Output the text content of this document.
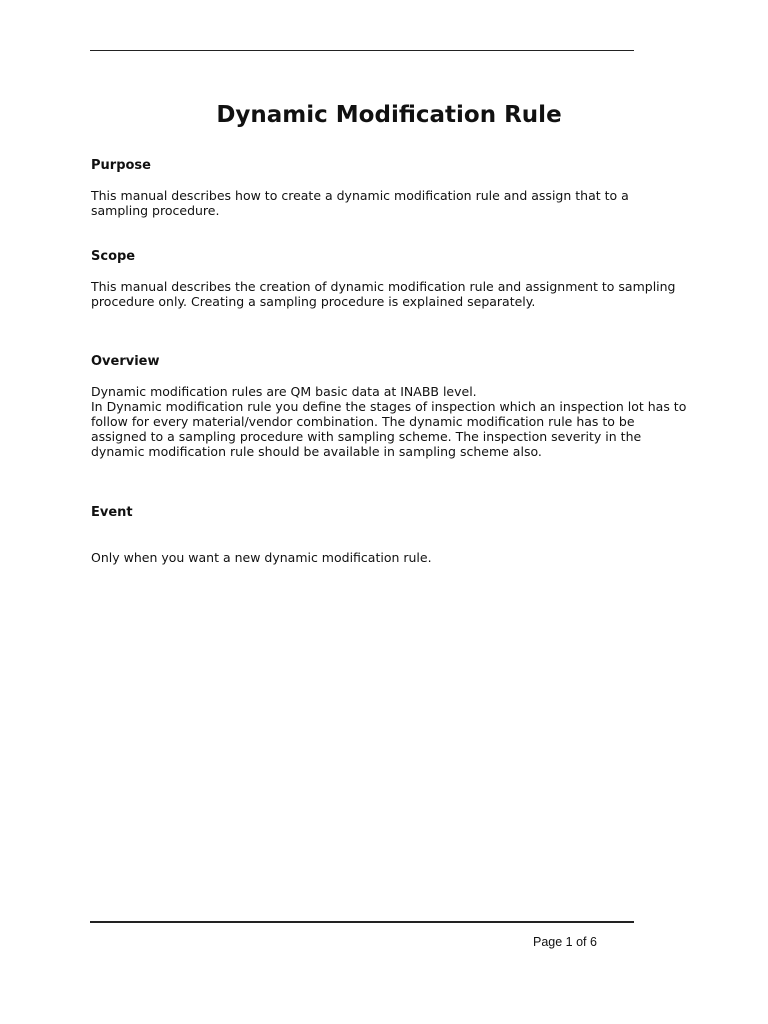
Dynamic Modification Rule
Purpose

This manual describes how to create a dynamic modification rule and assign that to a
sampling procedure.

Scope

This manual describes the creation of dynamic modification rule and assignment to sampling
procedure only. Creating a sampling procedure is explained separately.

Overview

Dynamic modification rules are QM basic data at INABB level.
In Dynamic modification rule you define the stages of inspection which an inspection lot has to
follow for every material/vendor combination. The dynamic modification rule has to be
assigned to a sampling procedure with sampling scheme. The inspection severity in the
dynamic modification rule should be available in sampling scheme also.

Event

Only when you want a new dynamic modification rule.

Page 1 of 6
